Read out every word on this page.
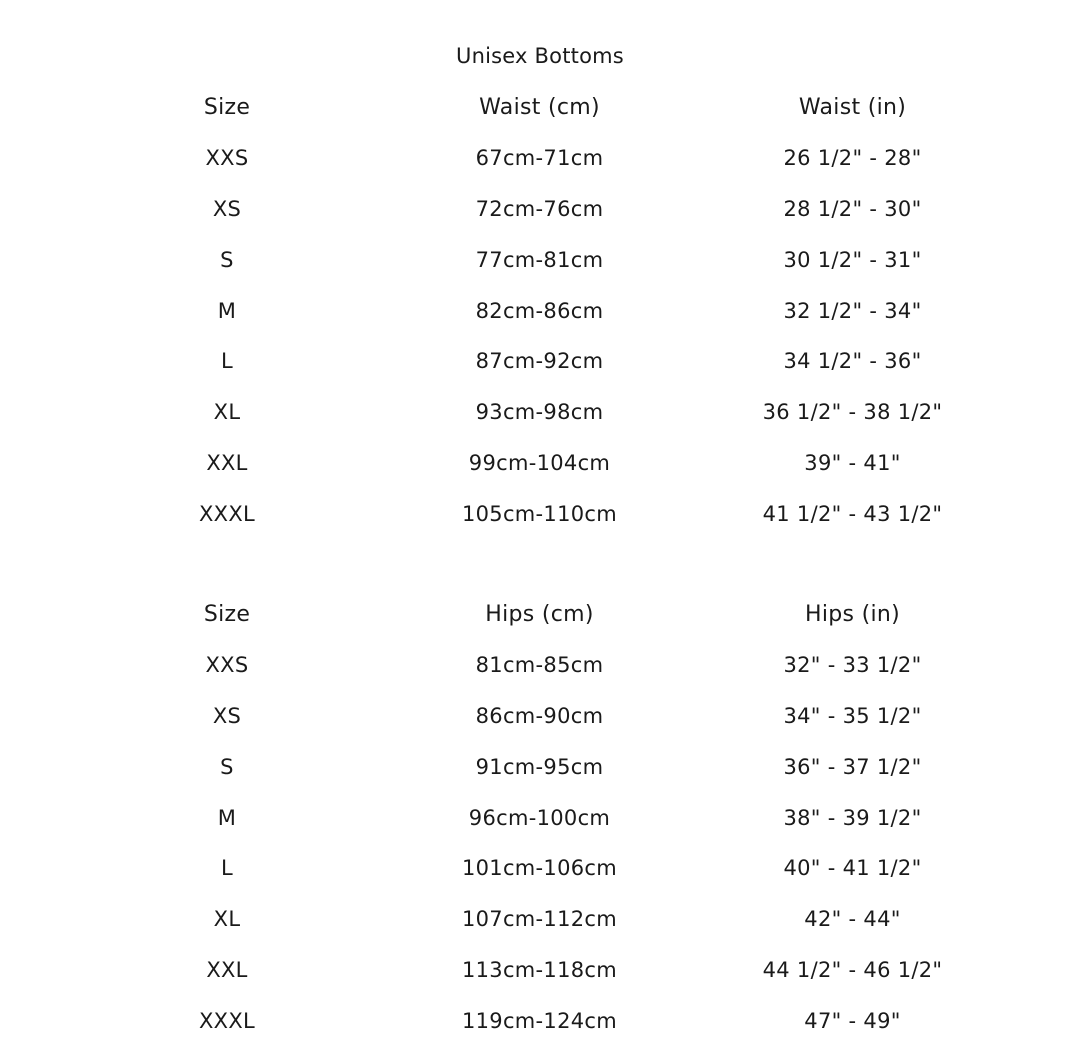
Unisex Bottoms
Size	Waist (cm)	Waist (in)
XXS	67cm-71cm	26 1/2" - 28"
XS	72cm-76cm	28 1/2" - 30"
S	77cm-81cm	30 1/2" - 31"
M	82cm-86cm	32 1/2" - 34"
L	87cm-92cm	34 1/2" - 36"
XL	93cm-98cm	36 1/2" - 38 1/2"
XXL	99cm-104cm	39" - 41"
XXXL	105cm-110cm	41 1/2" - 43 1/2"
Size	Hips (cm)	Hips (in)
XXS	81cm-85cm	32" - 33 1/2"
XS	86cm-90cm	34" - 35 1/2"
S	91cm-95cm	36" - 37 1/2"
M	96cm-100cm	38" - 39 1/2"
L	101cm-106cm	40" - 41 1/2"
XL	107cm-112cm	42" - 44"
XXL	113cm-118cm	44 1/2" - 46 1/2"
XXXL	119cm-124cm	47" - 49"
